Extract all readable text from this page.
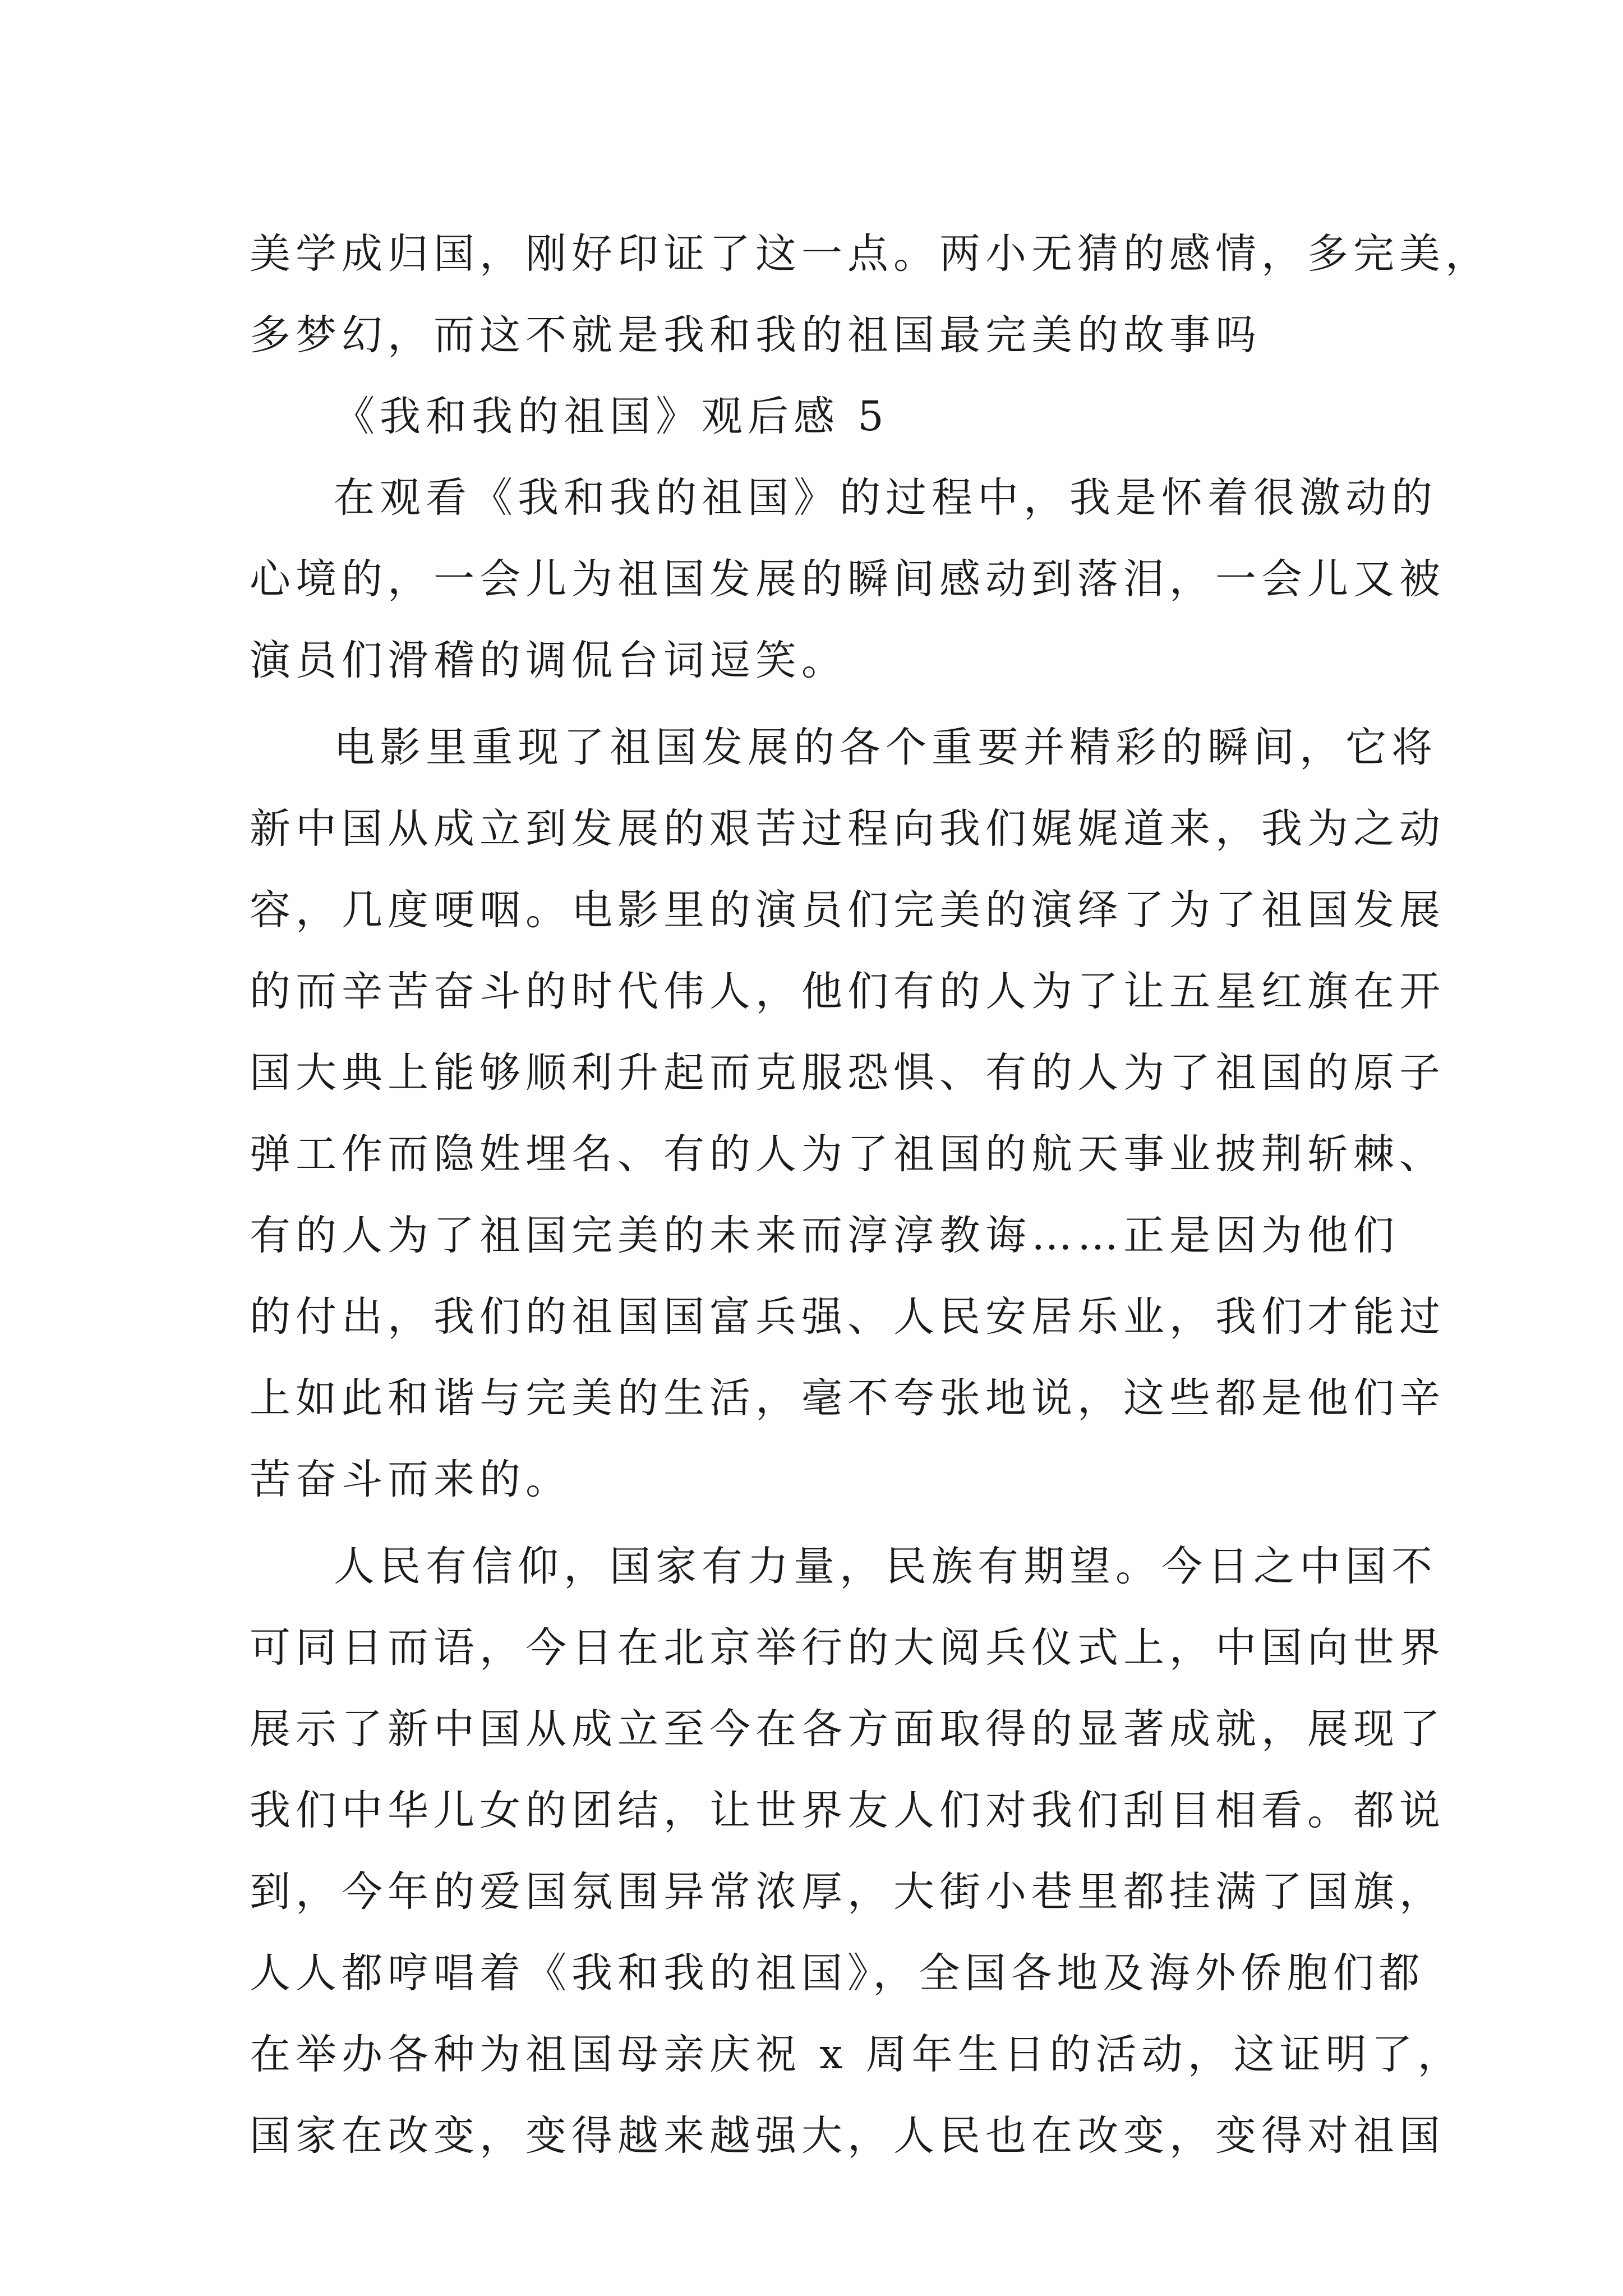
美学成归国，刚好印证了这一点。两小无猜的感情，多完美，
多梦幻，而这不就是我和我的祖国最完美的故事吗
《我和我的祖国》观后感 5
在观看《我和我的祖国》的过程中，我是怀着很激动的
心境的，一会儿为祖国发展的瞬间感动到落泪，一会儿又被
演员们滑稽的调侃台词逗笑。
电影里重现了祖国发展的各个重要并精彩的瞬间，它将
新中国从成立到发展的艰苦过程向我们娓娓道来，我为之动
容，几度哽咽。电影里的演员们完美的演绎了为了祖国发展
的而辛苦奋斗的时代伟人，他们有的人为了让五星红旗在开
国大典上能够顺利升起而克服恐惧、有的人为了祖国的原子
弹工作而隐姓埋名、有的人为了祖国的航天事业披荆斩棘、
有的人为了祖国完美的未来而淳淳教诲……正是因为他们
的付出，我们的祖国国富兵强、人民安居乐业，我们才能过
上如此和谐与完美的生活，毫不夸张地说，这些都是他们辛
苦奋斗而来的。
人民有信仰，国家有力量，民族有期望。今日之中国不
可同日而语，今日在北京举行的大阅兵仪式上，中国向世界
展示了新中国从成立至今在各方面取得的显著成就，展现了
我们中华儿女的团结，让世界友人们对我们刮目相看。都说
到，今年的爱国氛围异常浓厚，大街小巷里都挂满了国旗，
人人都哼唱着《我和我的祖国》，全国各地及海外侨胞们都
在举办各种为祖国母亲庆祝 x 周年生日的活动，这证明了，
国家在改变，变得越来越强大，人民也在改变，变得对祖国
